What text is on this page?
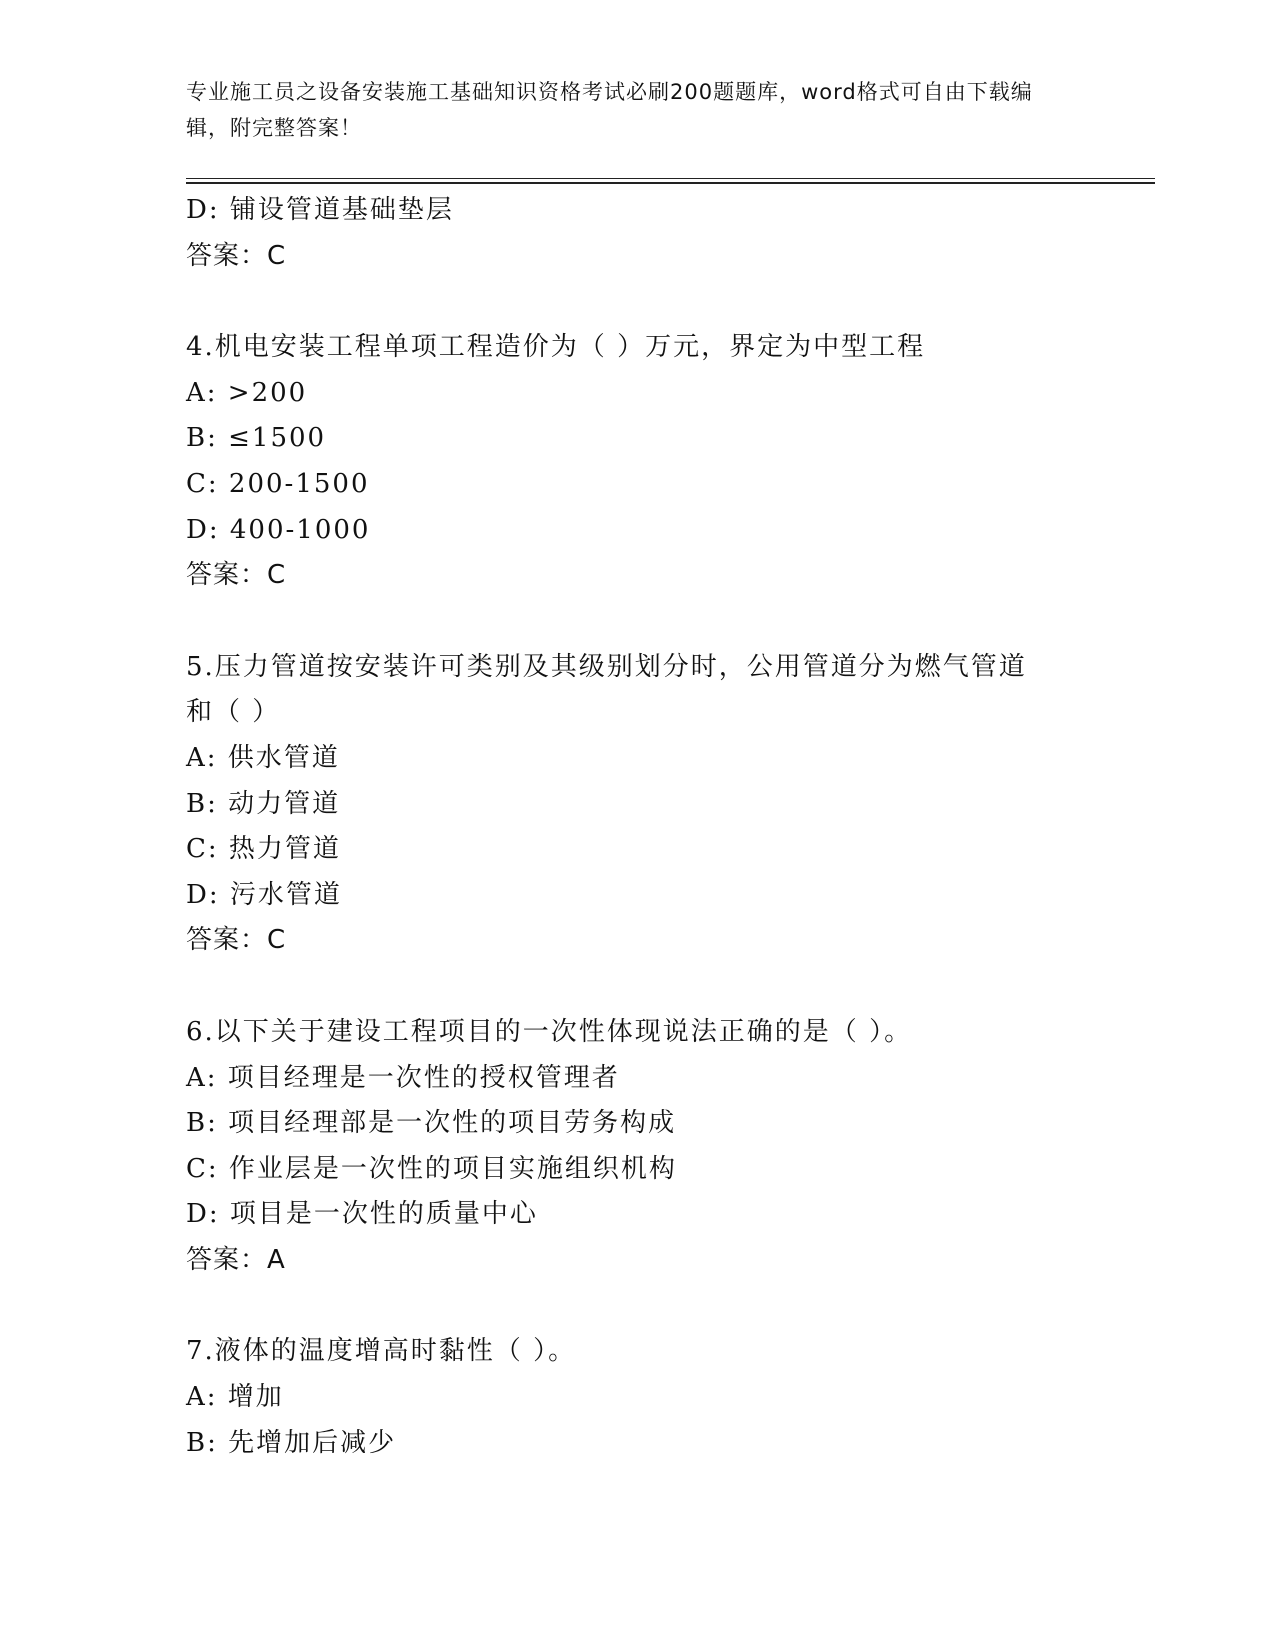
专业施工员之设备安装施工基础知识资格考试必刷200题题库，word格式可自由下载编辑，附完整答案！
D: 铺设管道基础垫层
答案：C
4.机电安装工程单项工程造价为（ ）万元，界定为中型工程
A: >200
B: ≤1500
C: 200-1500
D: 400-1000
答案：C
5.压力管道按安装许可类别及其级别划分时，公用管道分为燃气管道和（ ）
A: 供水管道
B: 动力管道
C: 热力管道
D: 污水管道
答案：C
6.以下关于建设工程项目的一次性体现说法正确的是（ ）。
A: 项目经理是一次性的授权管理者
B: 项目经理部是一次性的项目劳务构成
C: 作业层是一次性的项目实施组织机构
D: 项目是一次性的质量中心
答案：A
7.液体的温度增高时黏性（ ）。
A: 增加
B: 先增加后减少
